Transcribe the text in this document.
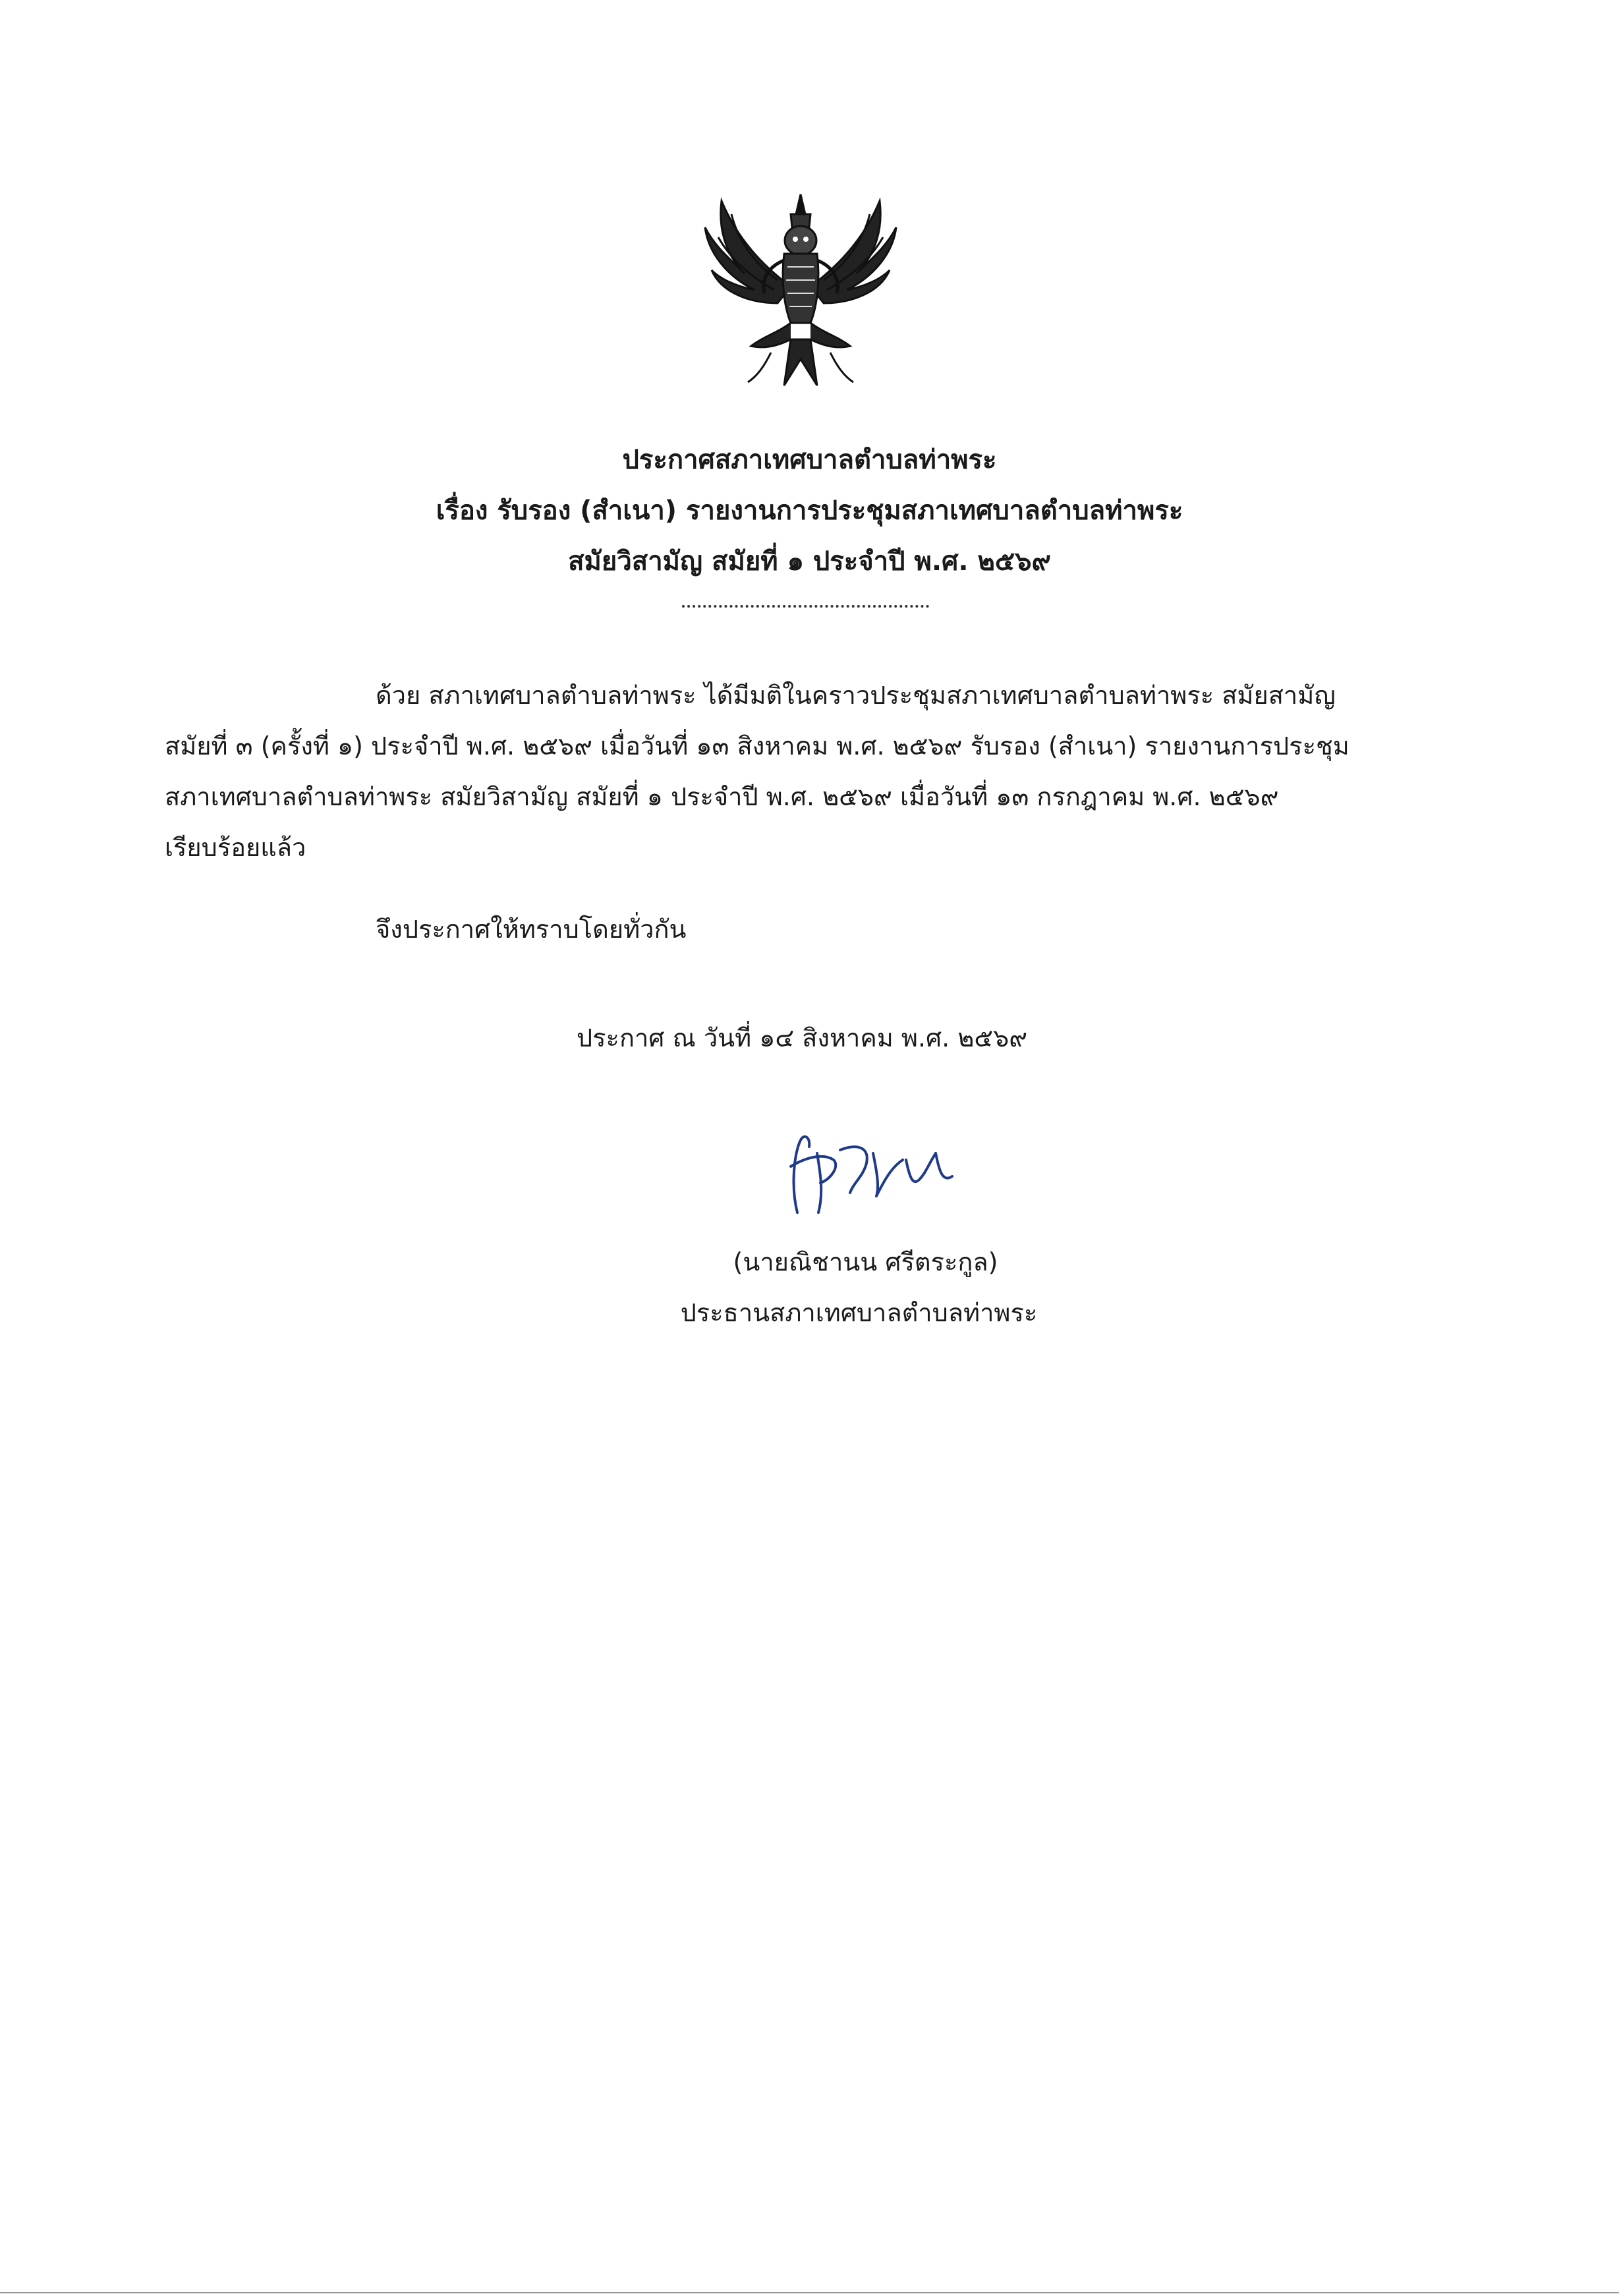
ประกาศสภาเทศบาลตำบลท่าพระ
เรื่อง รับรอง (สำเนา) รายงานการประชุมสภาเทศบาลตำบลท่าพระ
สมัยวิสามัญ สมัยที่ ๑ ประจำปี พ.ศ. ๒๕๖๙
ด้วย สภาเทศบาลตำบลท่าพระ ได้มีมติในคราวประชุมสภาเทศบาลตำบลท่าพระ สมัยสามัญ
สมัยที่ ๓ (ครั้งที่ ๑) ประจำปี พ.ศ. ๒๕๖๙ เมื่อวันที่ ๑๓ สิงหาคม พ.ศ. ๒๕๖๙ รับรอง (สำเนา) รายงานการประชุม
สภาเทศบาลตำบลท่าพระ สมัยวิสามัญ สมัยที่ ๑ ประจำปี พ.ศ. ๒๕๖๙ เมื่อวันที่ ๑๓ กรกฎาคม พ.ศ. ๒๕๖๙
เรียบร้อยแล้ว
จึงประกาศให้ทราบโดยทั่วกัน
ประกาศ ณ วันที่ ๑๔ สิงหาคม พ.ศ. ๒๕๖๙
(นายณิชานน ศรีตระกูล)
ประธานสภาเทศบาลตำบลท่าพระ
